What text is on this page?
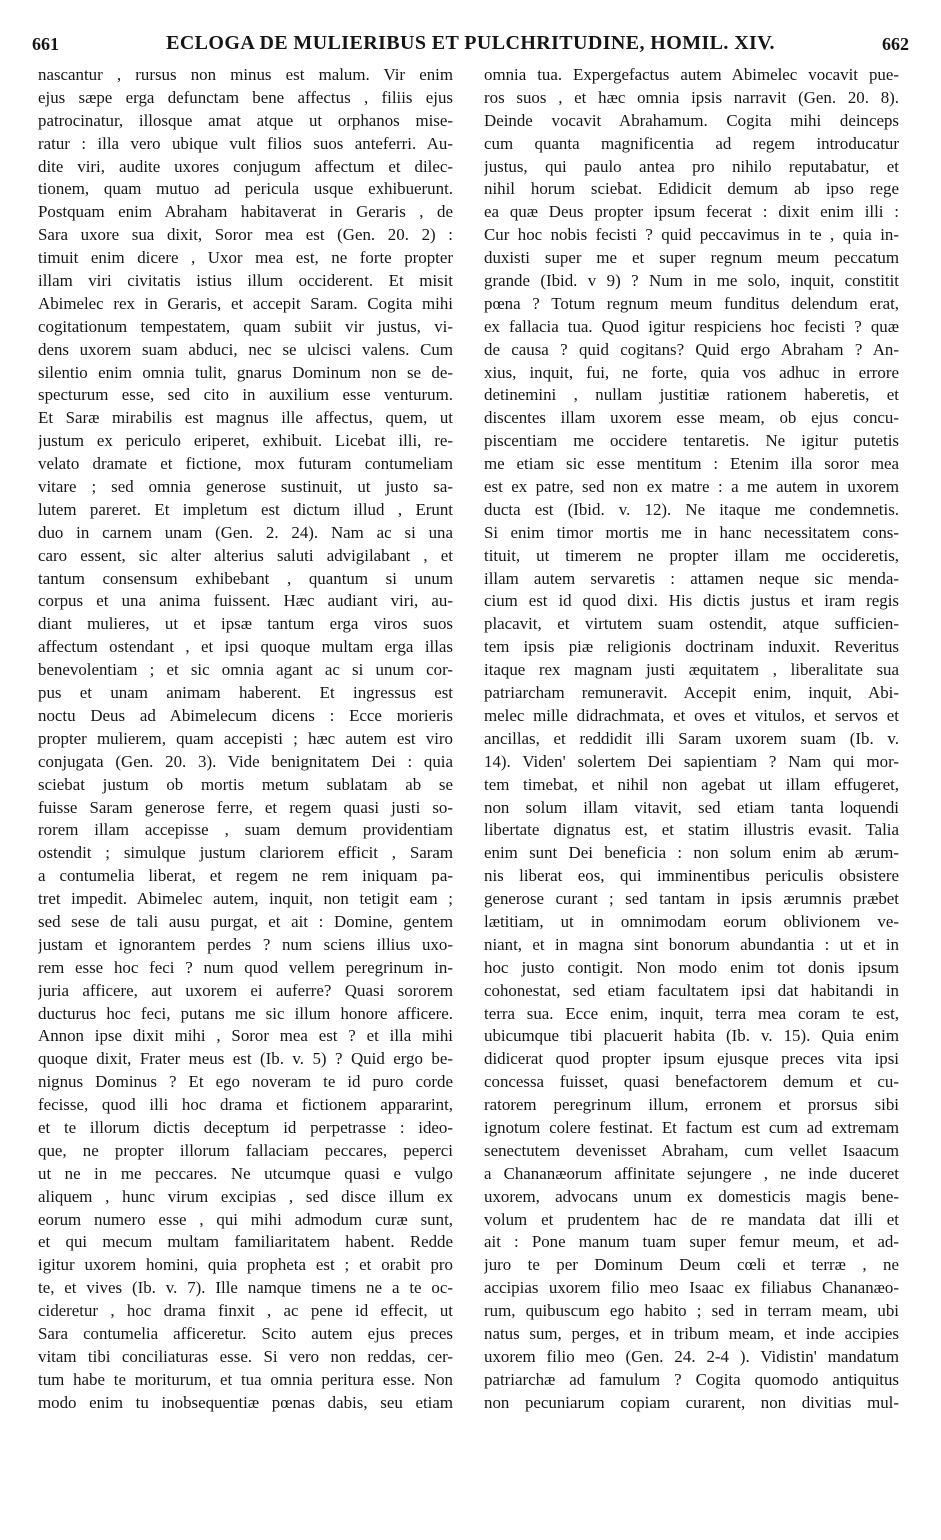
661	ECLOGA DE MULIERIBUS ET PULCHRITUDINE, HOMIL. XIV.	662
nascantur , rursus non minus est malum. Vir enim
ejus sæpe erga defunctam bene affectus , filiis ejus
patrocinatur, illosque amat atque ut orphanos mise-
ratur : illa vero ubique vult filios suos anteferri. Au-
dite viri, audite uxores conjugum affectum et dilec-
tionem, quam mutuo ad pericula usque exhibuerunt.
Postquam enim Abraham habitaverat in Geraris , de
Sara uxore sua dixit, Soror mea est (Gen. 20. 2) :
timuit enim dicere , Uxor mea est, ne forte propter
illam viri civitatis istius illum occiderent. Et misit
Abimelec rex in Geraris, et accepit Saram. Cogita mihi
cogitationum tempestatem, quam subiit vir justus, vi-
dens uxorem suam abduci, nec se ulcisci valens. Cum
silentio enim omnia tulit, gnarus Dominum non se de-
specturum esse, sed cito in auxilium esse venturum.
Et Saræ mirabilis est magnus ille affectus, quem, ut
justum ex periculo eriperet, exhibuit. Licebat illi, re-
velato dramate et fictione, mox futuram contumeliam
vitare ; sed omnia generose sustinuit, ut justo sa-
lutem pareret. Et impletum est dictum illud , Erunt
duo in carnem unam (Gen. 2. 24). Nam ac si una
caro essent, sic alter alterius saluti advigilabant , et
tantum consensum exhibebant , quantum si unum
corpus et una anima fuissent. Hæc audiant viri, au-
diant mulieres, ut et ipsæ tantum erga viros suos
affectum ostendant , et ipsi quoque multam erga illas
benevolentiam ; et sic omnia agant ac si unum cor-
pus et unam animam haberent. Et ingressus est
noctu Deus ad Abimelecum dicens : Ecce morieris
propter mulierem, quam accepisti ; hæc autem est viro
conjugata (Gen. 20. 3). Vide benignitatem Dei : quia
sciebat justum ob mortis metum sublatam ab se
fuisse Saram generose ferre, et regem quasi justi so-
rorem illam accepisse , suam demum providentiam
ostendit ; simulque justum clariorem efficit , Saram
a contumelia liberat, et regem ne rem iniquam pa-
tret impedit. Abimelec autem, inquit, non tetigit eam ;
sed sese de tali ausu purgat, et ait : Domine, gentem
justam et ignorantem perdes ? num sciens illius uxo-
rem esse hoc feci ? num quod vellem peregrinum in-
juria afficere, aut uxorem ei auferre? Quasi sororem
ducturus hoc feci, putans me sic illum honore afficere.
Annon ipse dixit mihi , Soror mea est ? et illa mihi
quoque dixit, Frater meus est (Ib. v. 5) ? Quid ergo be-
nignus Dominus ? Et ego noveram te id puro corde
fecisse, quod illi hoc drama et fictionem appararint,
et te illorum dictis deceptum id perpetrasse : ideo-
que, ne propter illorum fallaciam peccares, peperci
ut ne in me peccares. Ne utcumque quasi e vulgo
aliquem , hunc virum excipias , sed disce illum ex
eorum numero esse , qui mihi admodum curæ sunt,
et qui mecum multam familiaritatem habent. Redde
igitur uxorem homini, quia propheta est ; et orabit pro
te, et vives (Ib. v. 7). Ille namque timens ne a te oc-
cideretur , hoc drama finxit , ac pene id effecit, ut
Sara contumelia afficeretur. Scito autem ejus preces
vitam tibi conciliaturas esse. Si vero non reddas, cer-
tum habe te moriturum, et tua omnia peritura esse. Non
modo enim tu inobsequentiæ pœnas dabis, seu etiam
omnia tua. Expergefactus autem Abimelec vocavit pue-
ros suos , et hæc omnia ipsis narravit (Gen. 20. 8).
Deinde vocavit Abrahamum. Cogita mihi deinceps
cum quanta magnificentia ad regem introducatur
justus, qui paulo antea pro nihilo reputabatur, et
nihil horum sciebat. Edidicit demum ab ipso rege
ea quæ Deus propter ipsum fecerat : dixit enim illi :
Cur hoc nobis fecisti ? quid peccavimus in te , quia in-
duxisti super me et super regnum meum peccatum
grande (Ibid. v 9) ? Num in me solo, inquit, constitit
pœna ? Totum regnum meum funditus delendum erat,
ex fallacia tua. Quod igitur respiciens hoc fecisti ? quæ
de causa ? quid cogitans? Quid ergo Abraham ? An-
xius, inquit, fui, ne forte, quia vos adhuc in errore
detinemini , nullam justitiæ rationem haberetis, et
discentes illam uxorem esse meam, ob ejus concu-
piscentiam me occidere tentaretis. Ne igitur putetis
me etiam sic esse mentitum : Etenim illa soror mea
est ex patre, sed non ex matre : a me autem in uxorem
ducta est (Ibid. v. 12). Ne itaque me condemnetis.
Si enim timor mortis me in hanc necessitatem cons-
tituit, ut timerem ne propter illam me occideretis,
illam autem servaretis : attamen neque sic menda-
cium est id quod dixi. His dictis justus et iram regis
placavit, et virtutem suam ostendit, atque sufficien-
tem ipsis piæ religionis doctrinam induxit. Reveritus
itaque rex magnam justi æquitatem , liberalitate sua
patriarcham remuneravit. Accepit enim, inquit, Abi-
melec mille didrachmata, et oves et vitulos, et servos et
ancillas, et reddidit illi Saram uxorem suam (Ib. v.
14). Viden' solertem Dei sapientiam ? Nam qui mor-
tem timebat, et nihil non agebat ut illam effugeret,
non solum illam vitavit, sed etiam tanta loquendi
libertate dignatus est, et statim illustris evasit. Talia
enim sunt Dei beneficia : non solum enim ab ærum-
nis liberat eos, qui imminentibus periculis obsistere
generose curant ; sed tantam in ipsis ærumnis præbet
lætitiam, ut in omnimodam eorum oblivionem ve-
niant, et in magna sint bonorum abundantia : ut et in
hoc justo contigit. Non modo enim tot donis ipsum
cohonestat, sed etiam facultatem ipsi dat habitandi in
terra sua. Ecce enim, inquit, terra mea coram te est,
ubicumque tibi placuerit habita (Ib. v. 15). Quia enim
didicerat quod propter ipsum ejusque preces vita ipsi
concessa fuisset, quasi benefactorem demum et cu-
ratorem peregrinum illum, erronem et prorsus sibi
ignotum colere festinat. Et factum est cum ad extremam
senectutem devenisset Abraham, cum vellet Isaacum
a Chananæorum affinitate sejungere , ne inde duceret
uxorem, advocans unum ex domesticis magis bene-
volum et prudentem hac de re mandata dat illi et
ait : Pone manum tuam super femur meum, et ad-
juro te per Dominum Deum cœli et terræ , ne
accipias uxorem filio meo Isaac ex filiabus Chananæo-
rum, quibuscum ego habito ; sed in terram meam, ubi
natus sum, perges, et in tribum meam, et inde accipies
uxorem filio meo (Gen. 24. 2-4 ). Vidistin' mandatum
patriarchæ ad famulum ? Cogita quomodo antiquitus
non pecuniarum copiam curarent, non divitias mul-
